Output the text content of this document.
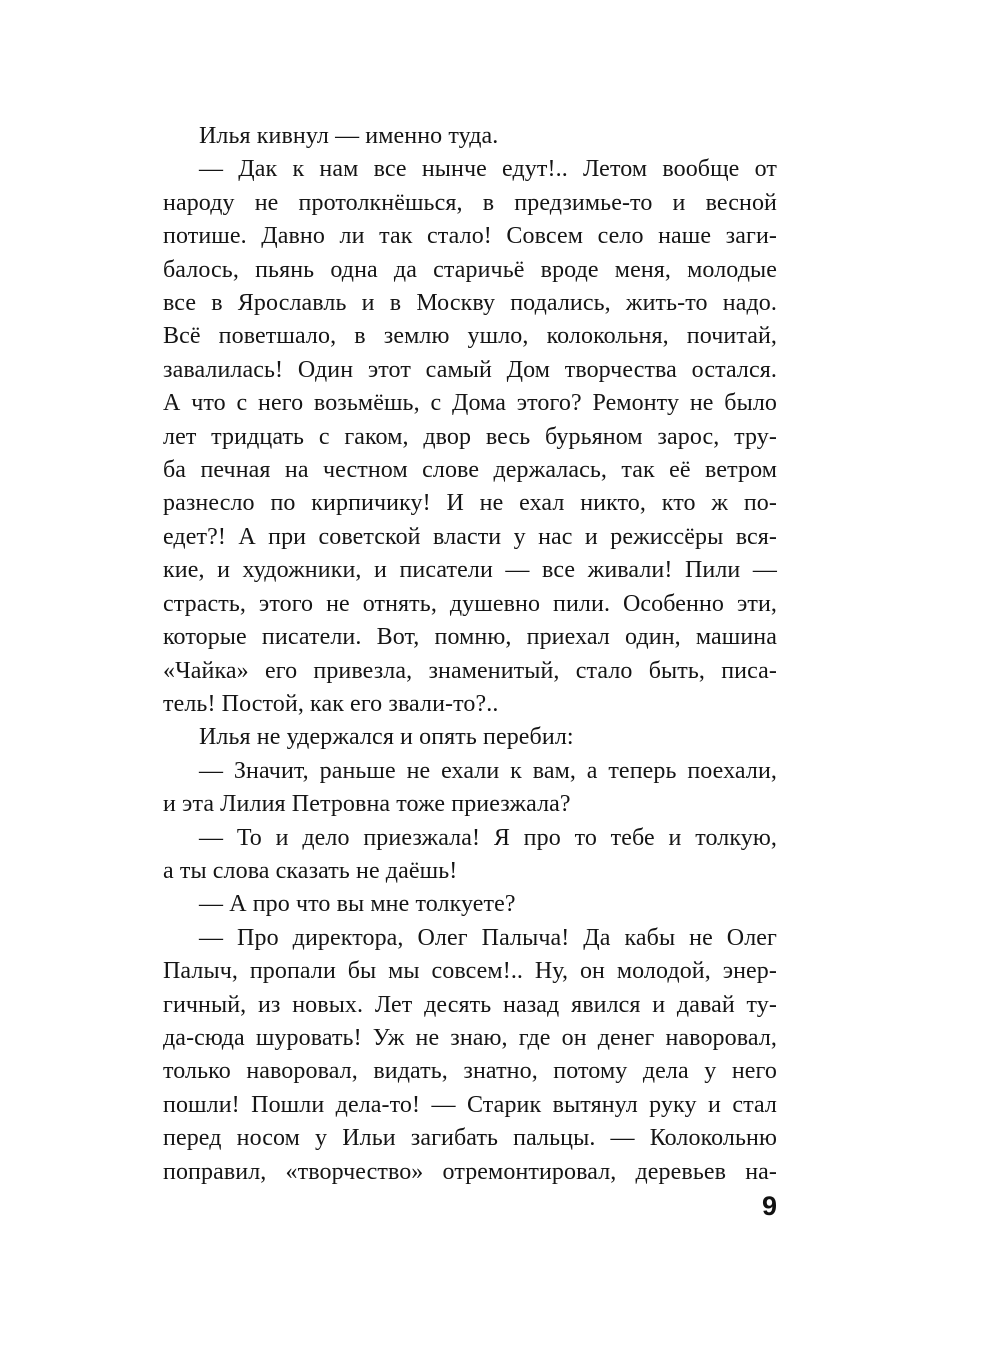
Илья кивнул — именно туда.
— Дак к нам все нынче едут!.. Летом вообще от
народу не протолкнёшься, в предзимье-то и весной
потише. Давно ли так стало! Совсем село наше заги-
балось, пьянь одна да старичьё вроде меня, молодые
все в Ярославль и в Москву подались, жить-то надо.
Всё поветшало, в землю ушло, колокольня, почитай,
завалилась! Один этот самый Дом творчества остался.
А что с него возьмёшь, с Дома этого? Ремонту не было
лет тридцать с гаком, двор весь бурьяном зарос, тру-
ба печная на честном слове держалась, так её ветром
разнесло по кирпичику! И не ехал никто, кто ж по-
едет?! А при советской власти у нас и режиссёры вся-
кие, и художники, и писатели — все живали! Пили —
страсть, этого не отнять, душевно пили. Особенно эти,
которые писатели. Вот, помню, приехал один, машина
«Чайка» его привезла, знаменитый, стало быть, писа-
тель! Постой, как его звали-то?..
Илья не удержался и опять перебил:
— Значит, раньше не ехали к вам, а теперь поехали,
и эта Лилия Петровна тоже приезжала?
— То и дело приезжала! Я про то тебе и толкую,
а ты слова сказать не даёшь!
— А про что вы мне толкуете?
— Про директора, Олег Палыча! Да кабы не Олег
Палыч, пропали бы мы совсем!.. Ну, он молодой, энер-
гичный, из новых. Лет десять назад явился и давай ту-
да-сюда шуровать! Уж не знаю, где он денег наворовал,
только наворовал, видать, знатно, потому дела у него
пошли! Пошли дела-то! — Старик вытянул руку и стал
перед носом у Ильи загибать пальцы. — Колокольню
поправил, «творчество» отремонтировал, деревьев на-
9
